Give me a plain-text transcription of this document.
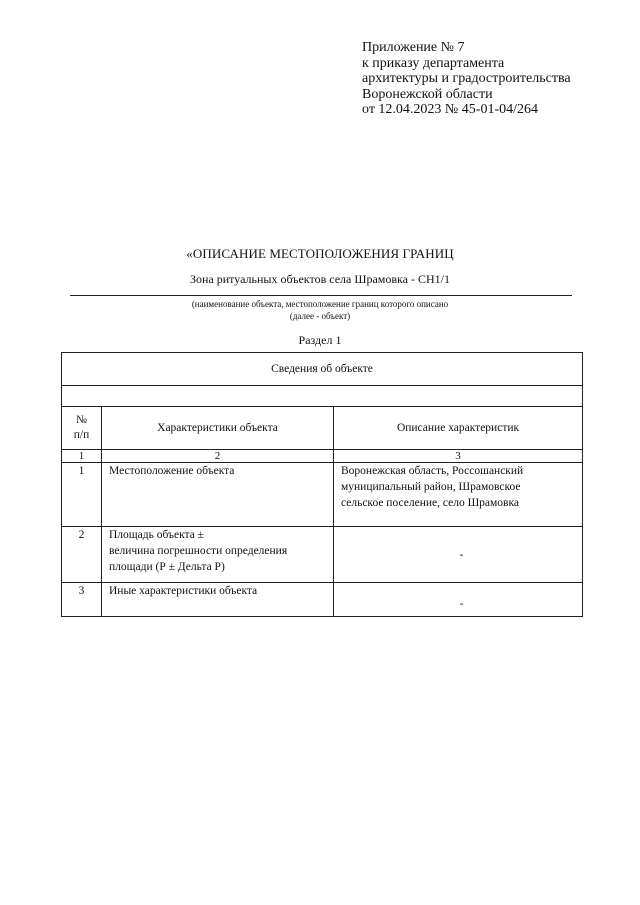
Приложение № 7
к приказу департамента
архитектуры и градостроительства
Воронежской области
от 12.04.2023 № 45-01-04/264
«ОПИСАНИЕ МЕСТОПОЛОЖЕНИЯ ГРАНИЦ
Зона ритуальных объектов села Шрамовка - СН1/1
(наименование объекта, местоположение границ которого описано
(далее - объект)
Раздел 1
Сведения об объекте		

№
п/п	Характеристики объекта	Описание характеристик
1	2	3
1	Местоположение объекта	Воронежская область, Россошанский
муниципальный район, Шрамовское
сельское поселение, село Шрамовка

2	Площадь объекта ±
величина погрешности определения
площади (Р ± Дельта Р)	-
3	Иные характеристики объекта	-
